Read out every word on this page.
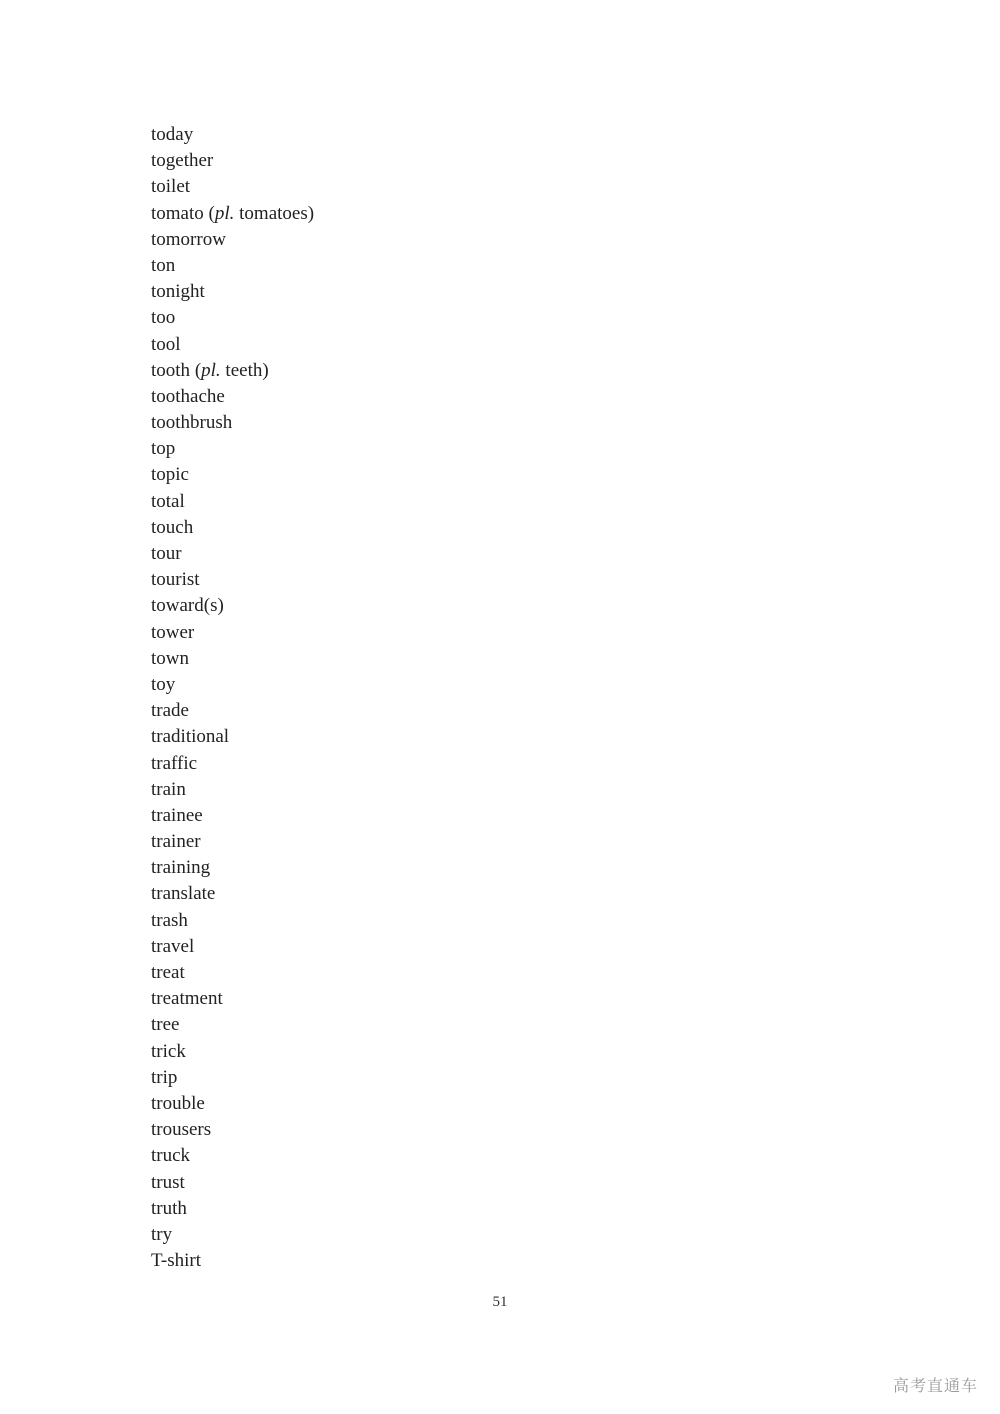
today
together
toilet
tomato (pl. tomatoes)
tomorrow
ton
tonight
too
tool
tooth (pl. teeth)
toothache
toothbrush
top
topic
total
touch
tour
tourist
toward(s)
tower
town
toy
trade
traditional
traffic
train
trainee
trainer
training
translate
trash
travel
treat
treatment
tree
trick
trip
trouble
trousers
truck
trust
truth
try
T-shirt
51
高考直通车
